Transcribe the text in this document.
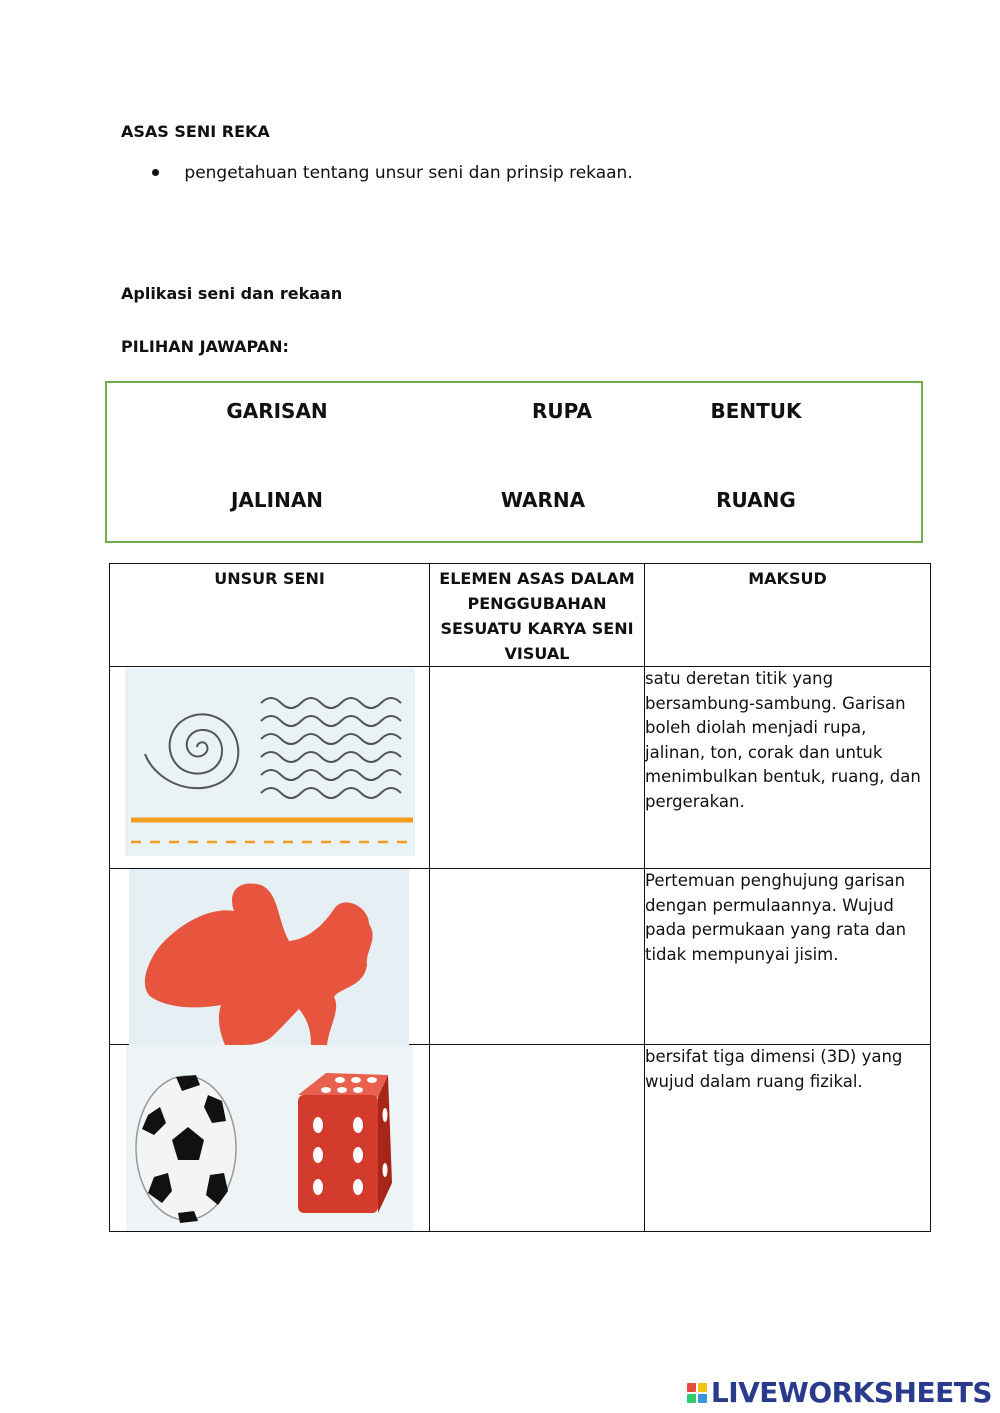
ASAS SENI REKA
pengetahuan tentang unsur seni dan prinsip rekaan.
Aplikasi seni dan rekaan
PILIHAN JAWAPAN:
GARISAN	RUPA	BENTUK
JALINAN	WARNA	RUANG
UNSUR SENI	ELEMEN ASAS DALAM PENGGUBAHAN SESUATU KARYA SENI VISUAL	MAKSUD

		satu deretan titik yang bersambung-sambung. Garisan boleh diolah menjadi rupa, jalinan, ton, corak dan untuk menimbulkan bentuk, ruang, dan pergerakan.

		Pertemuan penghujung garisan dengan permulaannya. Wujud pada permukaan yang rata dan tidak mempunyai jisim.

		bersifat tiga dimensi (3D) yang wujud dalam ruang fizikal.
LIVEWORKSHEETS
